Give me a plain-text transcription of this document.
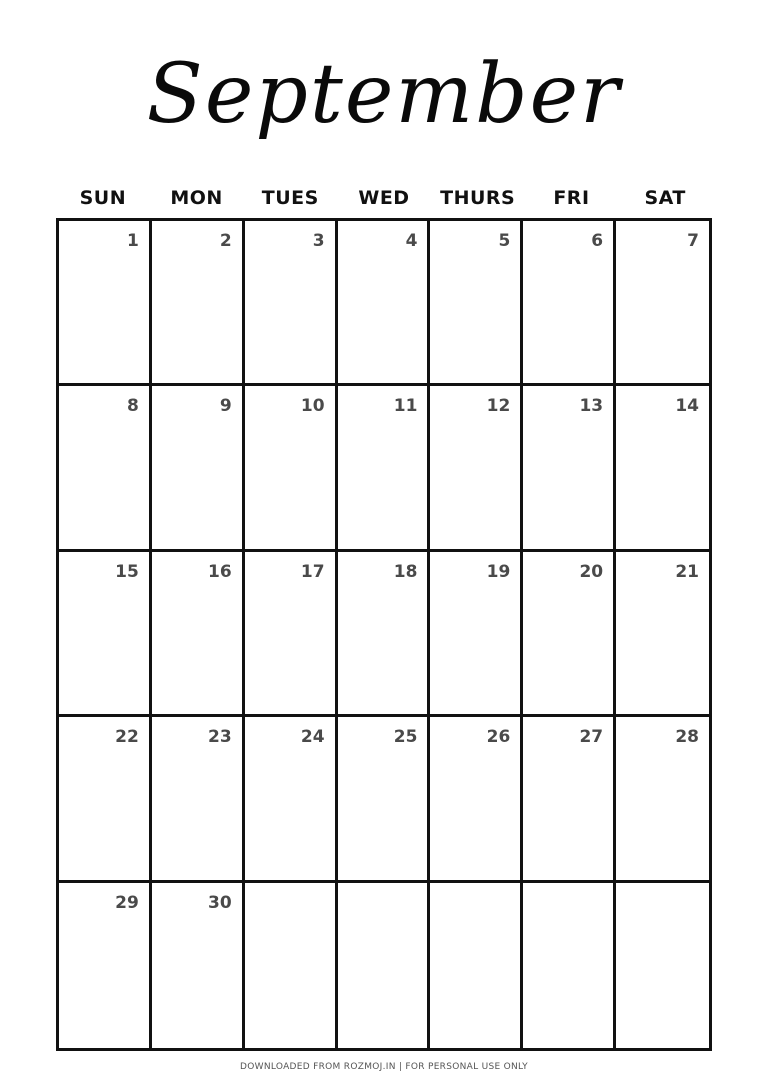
September
SUN	MON	TUES	WED	THURS	FRI	SAT
1	2	3	4	5	6	7
8	9	10	11	12	13	14
15	16	17	18	19	20	21
22	23	24	25	26	27	28
29	30
DOWNLOADED FROM ROZMOJ.IN | FOR PERSONAL USE ONLY
